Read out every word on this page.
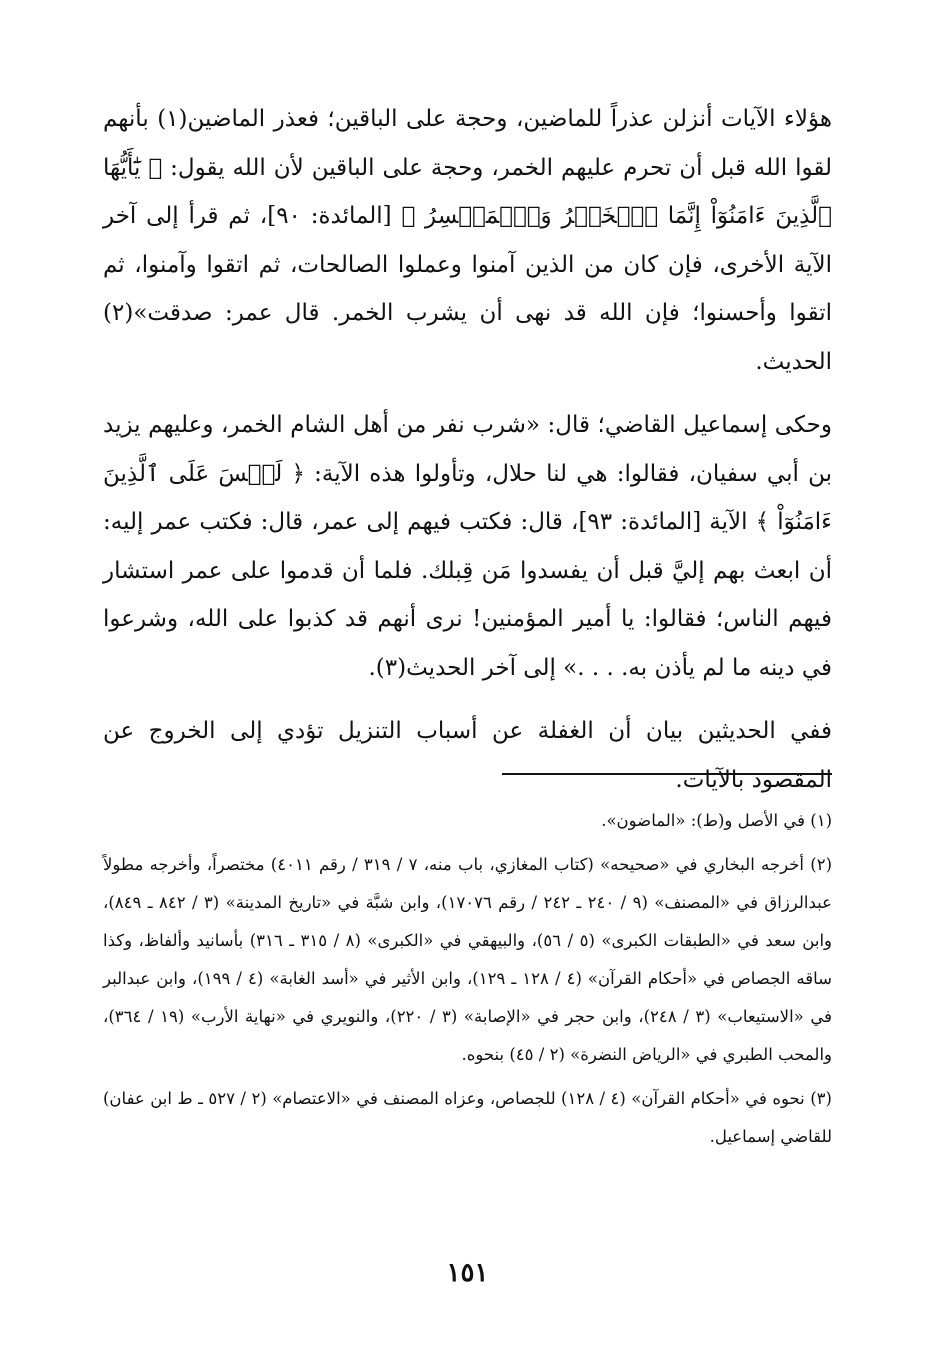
هؤلاء الآيات أنزلن عذراً للماضين، وحجة على الباقين؛ فعذر الماضين(١) بأنهم لقوا الله قبل أن تحرم عليهم الخمر، وحجة على الباقين لأن الله يقول: ﴿ يَٰٓأَيُّهَا ٱلَّذِينَ ءَامَنُوٓاْ إِنَّمَا ٱلۡخَمۡرُ وَٱلۡمَيۡسِرُ ﴾ [المائدة: ٩٠]، ثم قرأ إلى آخر الآية الأخرى، فإن كان من الذين آمنوا وعملوا الصالحات، ثم اتقوا وآمنوا، ثم اتقوا وأحسنوا؛ فإن الله قد نهى أن يشرب الخمر. قال عمر: صدقت»(٢) الحديث.

وحكى إسماعيل القاضي؛ قال: «شرب نفر من أهل الشام الخمر، وعليهم يزيد بن أبي سفيان، فقالوا: هي لنا حلال، وتأولوا هذه الآية: ﴿ لَيۡسَ عَلَى ٱلَّذِينَ ءَامَنُوٓاْ ﴾ الآية [المائدة: ٩٣]، قال: فكتب فيهم إلى عمر، قال: فكتب عمر إليه: أن ابعث بهم إليَّ قبل أن يفسدوا مَن قِبلك. فلما أن قدموا على عمر استشار فيهم الناس؛ فقالوا: يا أمير المؤمنين! نرى أنهم قد كذبوا على الله، وشرعوا في دينه ما لم يأذن به. . . .» إلى آخر الحديث(٣).

ففي الحديثين بيان أن الغفلة عن أسباب التنزيل تؤدي إلى الخروج عن المقصود بالآيات.

(١) في الأصل و(ط): «الماضون».

(٢) أخرجه البخاري في «صحيحه» (كتاب المغازي، باب منه، ٧ / ٣١٩ / رقم ٤٠١١) مختصراً، وأخرجه مطولاً عبدالرزاق في «المصنف» (٩ / ٢٤٠ ـ ٢٤٢ / رقم ١٧٠٧٦)، وابن شبَّة في «تاريخ المدينة» (٣ / ٨٤٢ ـ ٨٤٩)، وابن سعد في «الطبقات الكبرى» (٥ / ٥٦)، والبيهقي في «الكبرى» (٨ / ٣١٥ ـ ٣١٦) بأسانيد وألفاظ، وكذا ساقه الجصاص في «أحكام القرآن» (٤ / ١٢٨ ـ ١٢٩)، وابن الأثير في «أسد الغابة» (٤ / ١٩٩)، وابن عبدالبر في «الاستيعاب» (٣ / ٢٤٨)، وابن حجر في «الإصابة» (٣ / ٢٢٠)، والنويري في «نهاية الأرب» (١٩ / ٣٦٤)، والمحب الطبري في «الرياض النضرة» (٢ / ٤٥) بنحوه.

(٣) نحوه في «أحكام القرآن» (٤ / ١٢٨) للجصاص، وعزاه المصنف في «الاعتصام» (٢ / ٥٢٧ ـ ط ابن عفان) للقاضي إسماعيل.

١٥١
